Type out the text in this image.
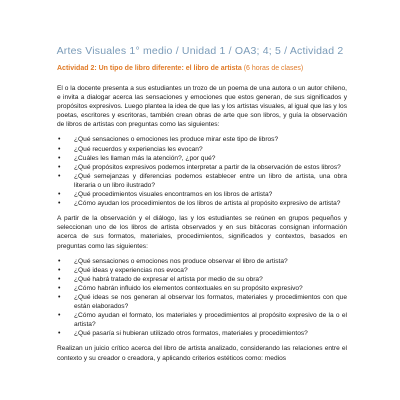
Artes Visuales 1° medio / Unidad 1 / OA3; 4; 5 / Actividad 2
Actividad 2: Un tipo de libro diferente: el libro de artista (6 horas de clases)

El o la docente presenta a sus estudiantes un trozo de un poema de una autora o un autor chileno, e invita a dialogar acerca las sensaciones y emociones que estos generan, de sus significados y propósitos expresivos. Luego plantea la idea de que las y los artistas visuales, al igual que las y los poetas, escritores y escritoras, también crean obras de arte que son libros, y guía la observación de libros de artistas con preguntas como las siguientes:

• ¿Qué sensaciones o emociones les produce mirar este tipo de libros?
• ¿Qué recuerdos y experiencias les evocan?
• ¿Cuáles les llaman más la atención?, ¿por qué?
• ¿Qué propósitos expresivos podemos interpretar a partir de la observación de estos libros?
• ¿Qué semejanzas y diferencias podemos establecer entre un libro de artista, una obra literaria o un libro ilustrado?
• ¿Qué procedimientos visuales encontramos en los libros de artista?
• ¿Cómo ayudan los procedimientos de los libros de artista al propósito expresivo de artista?

A partir de la observación y el diálogo, las y los estudiantes se reúnen en grupos pequeños y seleccionan uno de los libros de artista observados y en sus bitácoras consignan información acerca de sus formatos, materiales, procedimientos, significados y contextos, basados en preguntas como las siguientes:

• ¿Qué sensaciones o emociones nos produce observar el libro de artista?
• ¿Qué ideas y experiencias nos evoca?
• ¿Qué habrá tratado de expresar el artista por medio de su obra?
• ¿Cómo habrán influido los elementos contextuales en su propósito expresivo?
• ¿Qué ideas se nos generan al observar los formatos, materiales y procedimientos con que están elaborados?
• ¿Cómo ayudan el formato, los materiales y procedimientos al propósito expresivo de la o el artista?
• ¿Qué pasaría si hubieran utilizado otros formatos, materiales y procedimientos?

Realizan un juicio crítico acerca del libro de artista analizado, considerando las relaciones entre el contexto y su creador o creadora, y aplicando criterios estéticos como: medios
